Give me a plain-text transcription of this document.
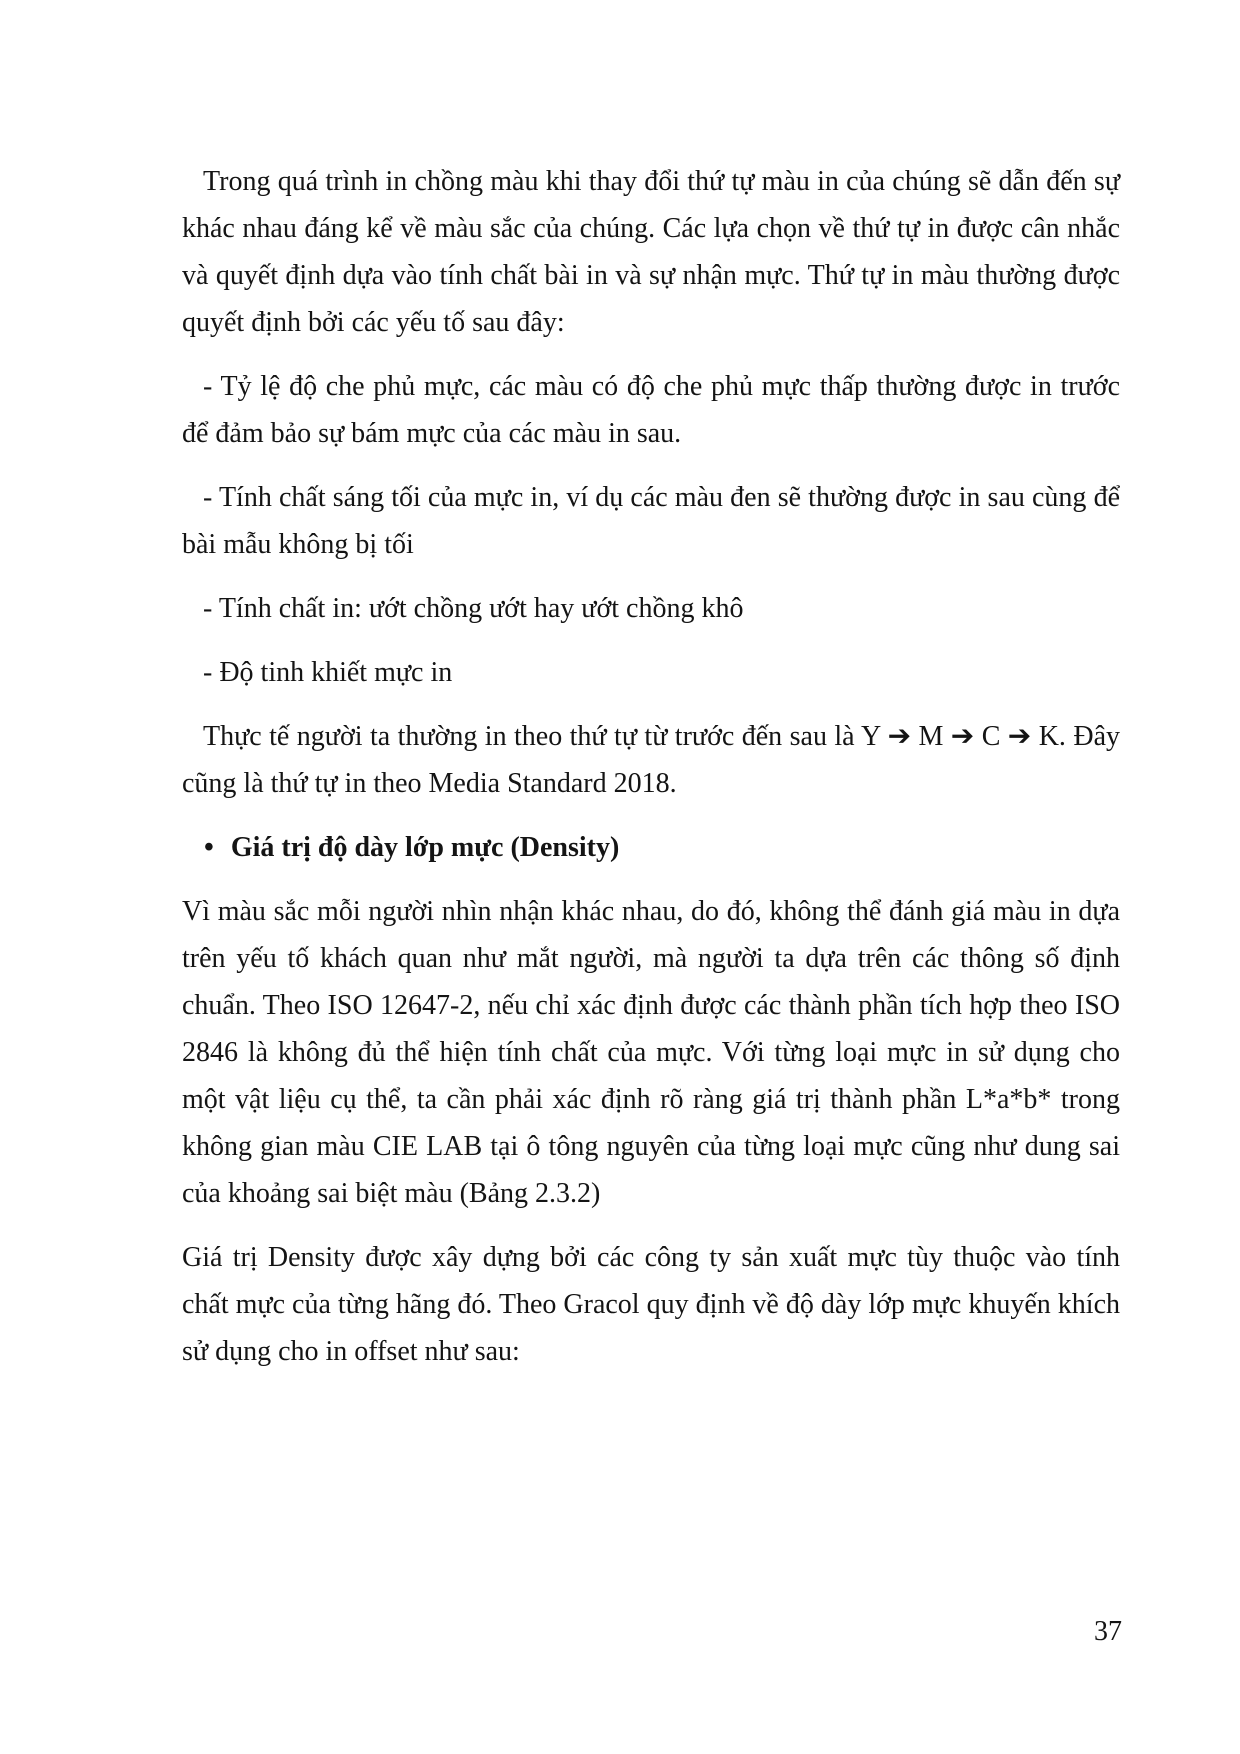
Trong quá trình in chồng màu khi thay đổi thứ tự màu in của chúng sẽ dẫn đến sự khác nhau đáng kể về màu sắc của chúng. Các lựa chọn về thứ tự in được cân nhắc và quyết định dựa vào tính chất bài in và sự nhận mực. Thứ tự in màu thường được quyết định bởi các yếu tố sau đây:

- Tỷ lệ độ che phủ mực, các màu có độ che phủ mực thấp thường được in trước để đảm bảo sự bám mực của các màu in sau.

- Tính chất sáng tối của mực in, ví dụ các màu đen sẽ thường được in sau cùng để bài mẫu không bị tối

- Tính chất in: ướt chồng ướt hay ướt chồng khô

- Độ tinh khiết mực in

Thực tế người ta thường in theo thứ tự từ trước đến sau là Y ➔ M ➔ C ➔ K. Đây cũng là thứ tự in theo Media Standard 2018.

• Giá trị độ dày lớp mực (Density)

Vì màu sắc mỗi người nhìn nhận khác nhau, do đó, không thể đánh giá màu in dựa trên yếu tố khách quan như mắt người, mà người ta dựa trên các thông số định chuẩn. Theo ISO 12647-2, nếu chỉ xác định được các thành phần tích hợp theo ISO 2846 là không đủ thể hiện tính chất của mực. Với từng loại mực in sử dụng cho một vật liệu cụ thể, ta cần phải xác định rõ ràng giá trị thành phần L*a*b* trong không gian màu CIE LAB tại ô tông nguyên của từng loại mực cũng như dung sai của khoảng sai biệt màu (Bảng 2.3.2)

Giá trị Density được xây dựng bởi các công ty sản xuất mực tùy thuộc vào tính chất mực của từng hãng đó. Theo Gracol quy định về độ dày lớp mực khuyến khích sử dụng cho in offset như sau:

37
